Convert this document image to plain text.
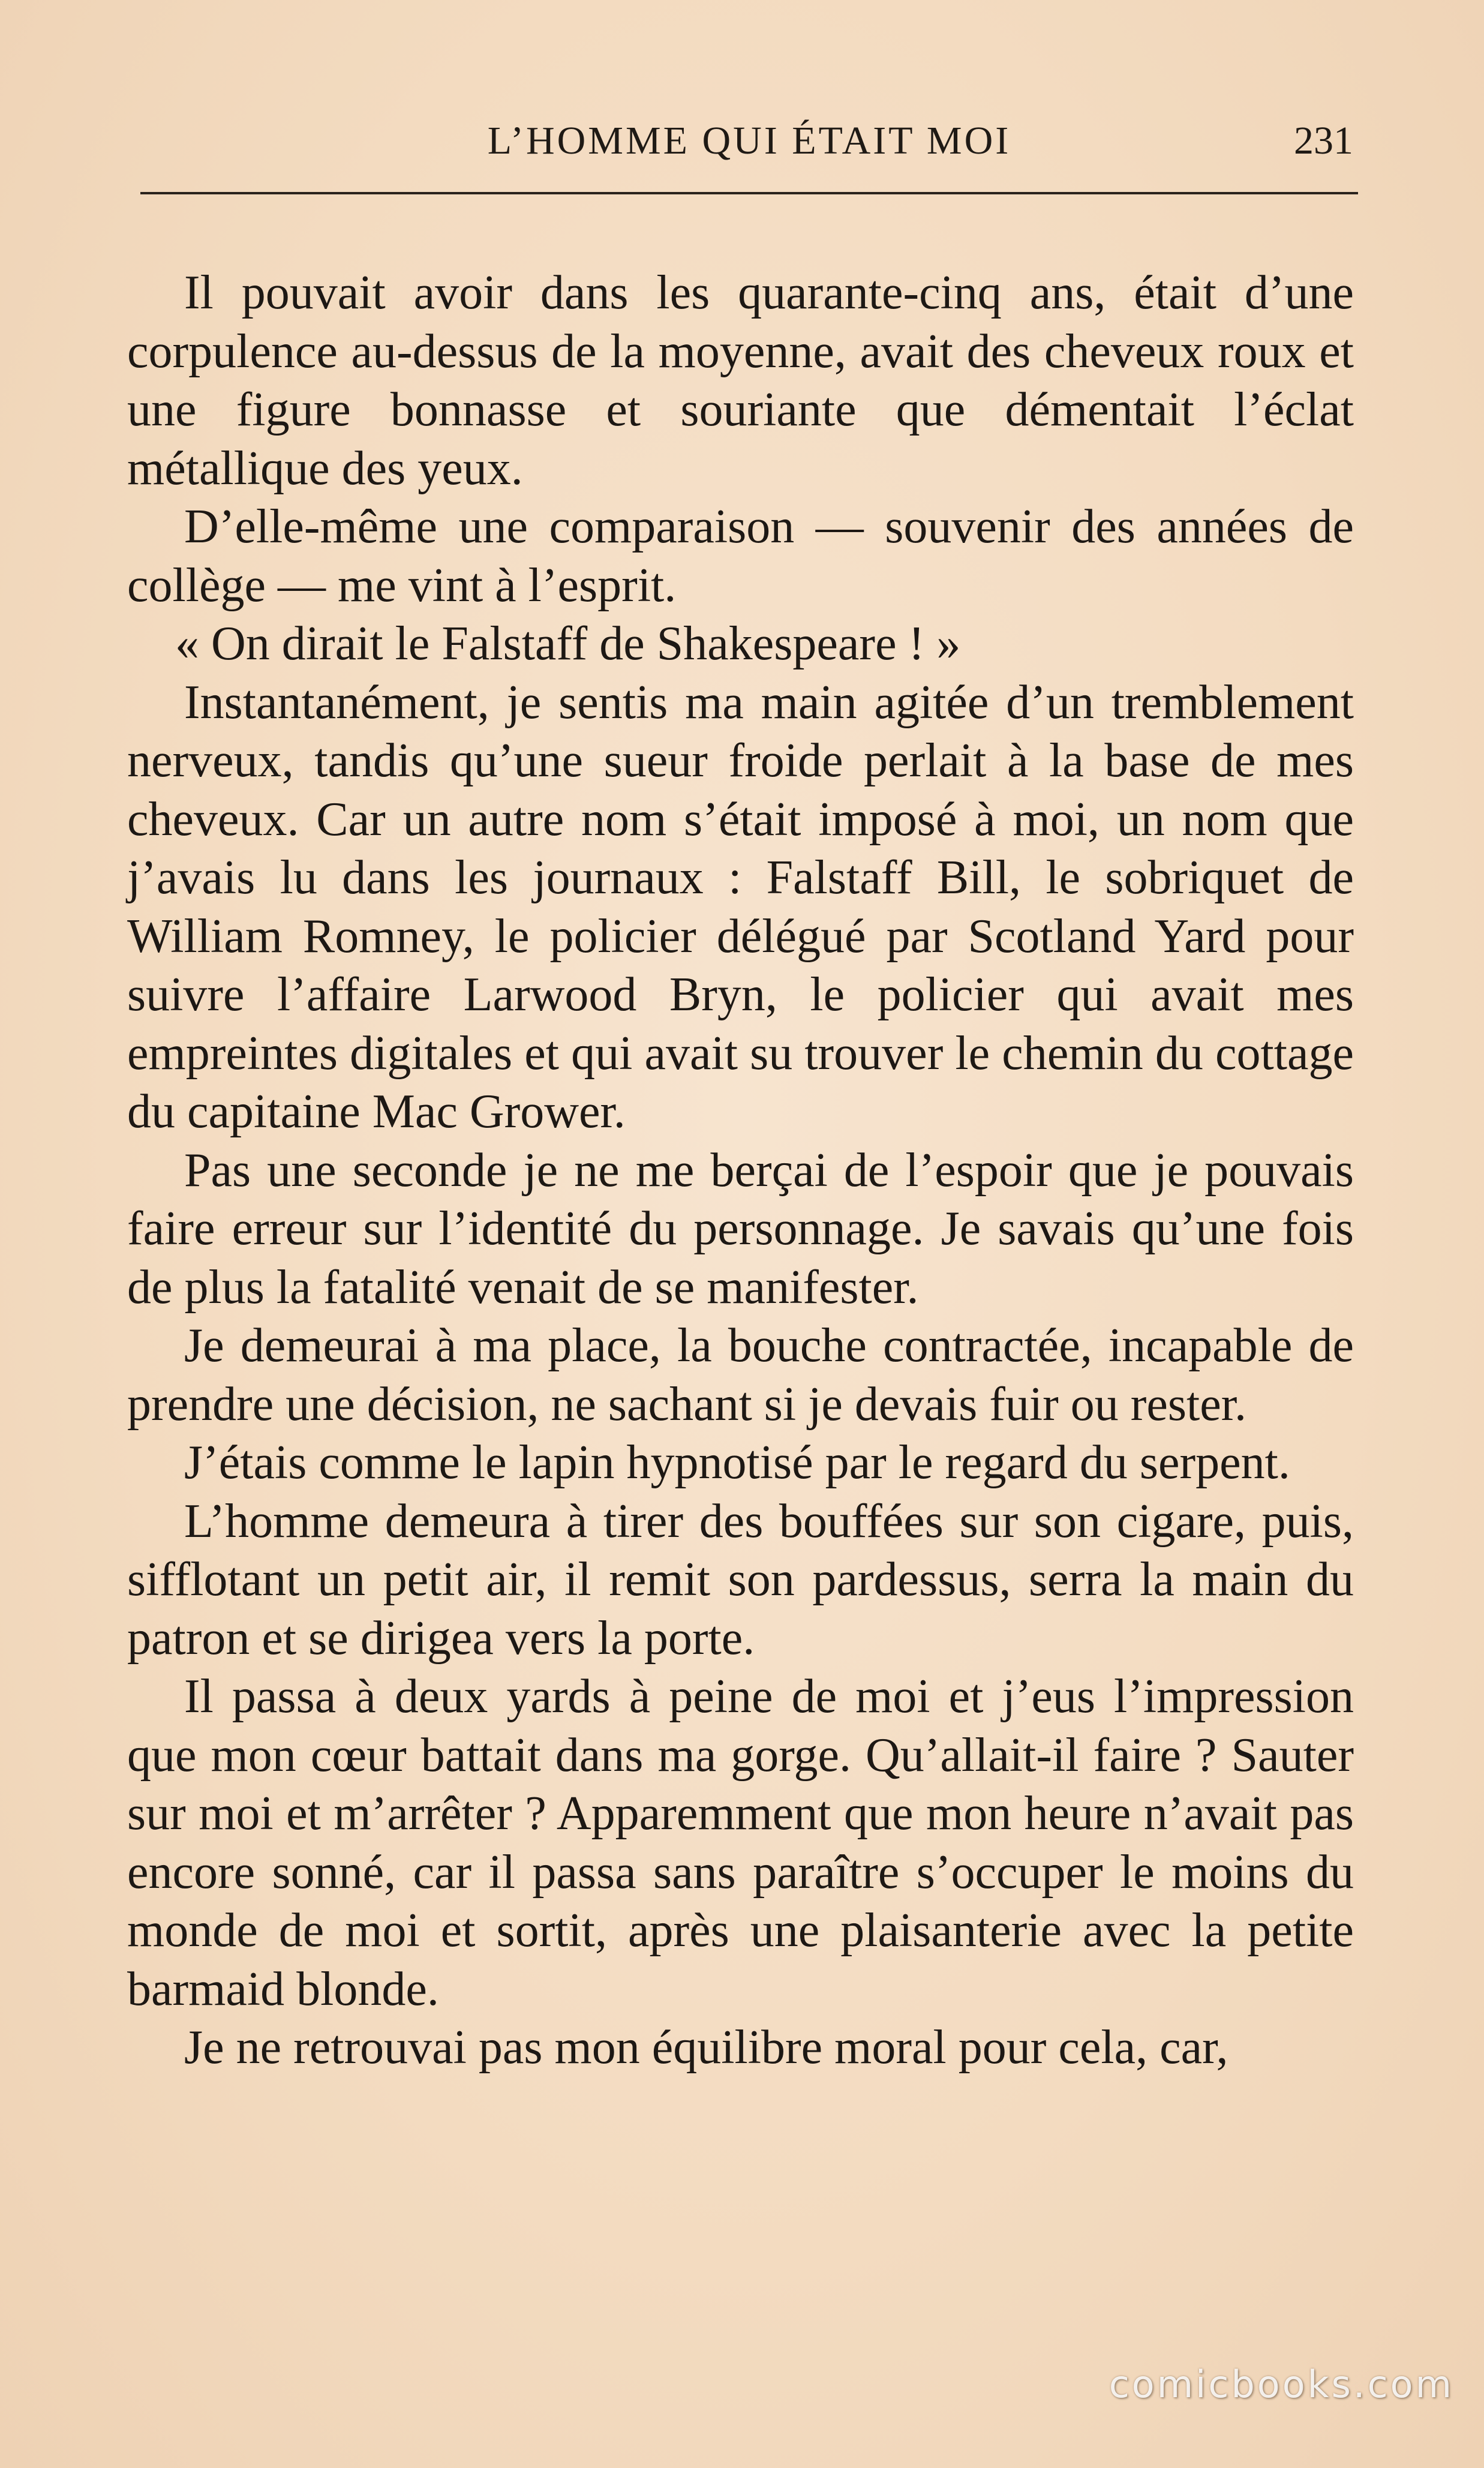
L’HOMME QUI ÉTAIT MOI	231

Il pouvait avoir dans les quarante-cinq ans, était d’une corpulence au-dessus de la moyenne, avait des cheveux roux et une figure bonnasse et souriante que démentait l’éclat métallique des yeux.

D’elle-même une comparaison — souvenir des années de collège — me vint à l’esprit.

« On dirait le Falstaff de Shakespeare ! »

Instantanément, je sentis ma main agitée d’un tremblement nerveux, tandis qu’une sueur froide perlait à la base de mes cheveux. Car un autre nom s’était imposé à moi, un nom que j’avais lu dans les journaux : Falstaff Bill, le sobriquet de William Romney, le policier délégué par Scotland Yard pour suivre l’affaire Larwood Bryn, le policier qui avait mes empreintes digitales et qui avait su trouver le chemin du cottage du capitaine Mac Grower.

Pas une seconde je ne me berçai de l’espoir que je pouvais faire erreur sur l’identité du personnage. Je savais qu’une fois de plus la fatalité venait de se manifester.

Je demeurai à ma place, la bouche contractée, incapable de prendre une décision, ne sachant si je devais fuir ou rester.

J’étais comme le lapin hypnotisé par le regard du serpent.

L’homme demeura à tirer des bouffées sur son cigare, puis, sifflotant un petit air, il remit son pardessus, serra la main du patron et se dirigea vers la porte.

Il passa à deux yards à peine de moi et j’eus l’impression que mon cœur battait dans ma gorge. Qu’allait-il faire ? Sauter sur moi et m’arrêter ? Apparemment que mon heure n’avait pas encore sonné, car il passa sans paraître s’occuper le moins du monde de moi et sortit, après une plaisanterie avec la petite barmaid blonde.

Je ne retrouvai pas mon équilibre moral pour cela, car,

comicbooks.com
